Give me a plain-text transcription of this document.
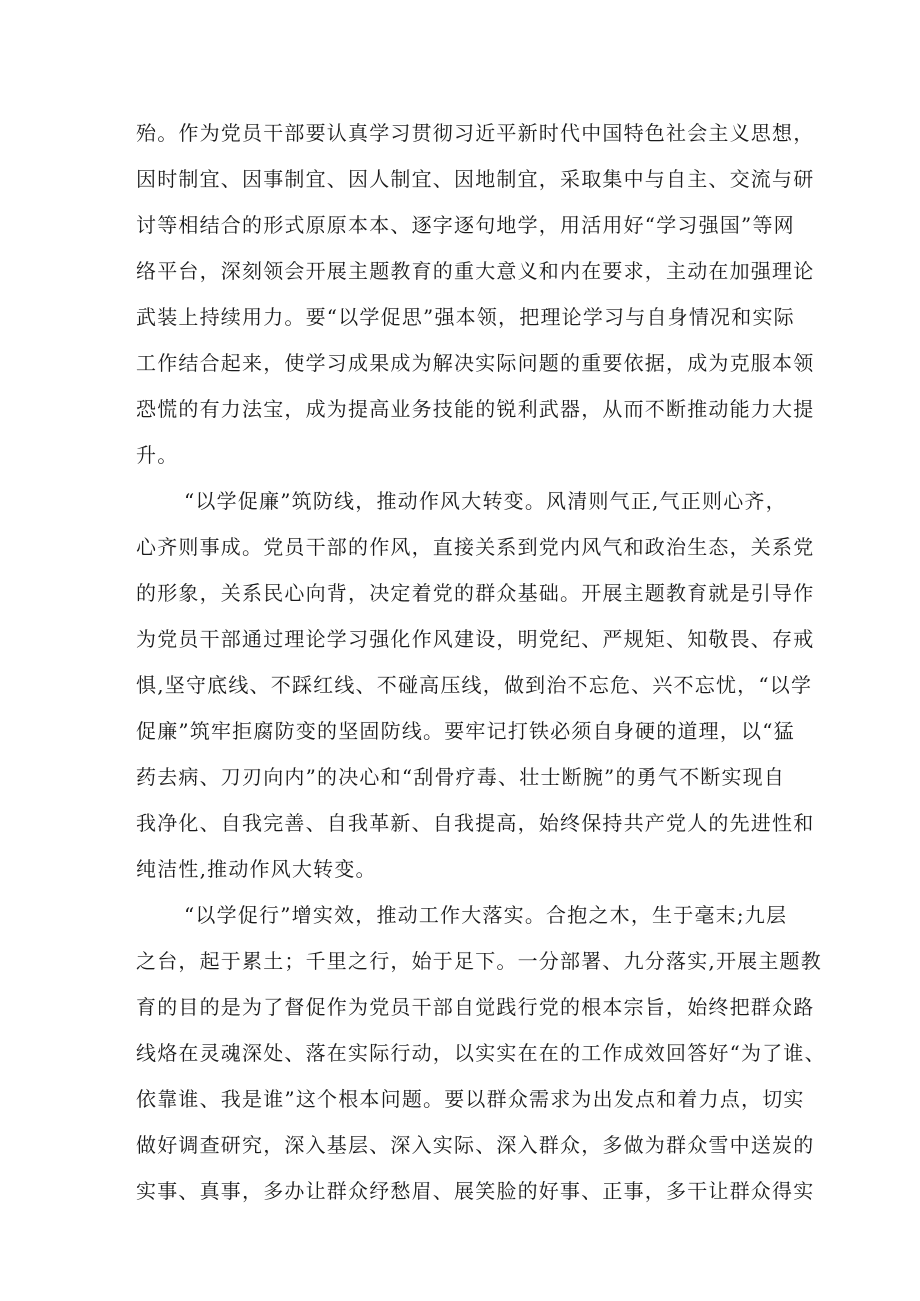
殆。作为党员干部要认真学习贯彻习近平新时代中国特色社会主义思想，
因时制宜、因事制宜、因人制宜、因地制宜，采取集中与自主、交流与研
讨等相结合的形式原原本本、逐字逐句地学，用活用好“学习强国”等网
络平台，深刻领会开展主题教育的重大意义和内在要求，主动在加强理论
武装上持续用力。要“以学促思”强本领，把理论学习与自身情况和实际
工作结合起来，使学习成果成为解决实际问题的重要依据，成为克服本领
恐慌的有力法宝，成为提高业务技能的锐利武器，从而不断推动能力大提
升。
“以学促廉”筑防线，推动作风大转变。风清则气正,气正则心齐，
心齐则事成。党员干部的作风，直接关系到党内风气和政治生态，关系党
的形象，关系民心向背，决定着党的群众基础。开展主题教育就是引导作
为党员干部通过理论学习强化作风建设，明党纪、严规矩、知敬畏、存戒
惧,坚守底线、不踩红线、不碰高压线，做到治不忘危、兴不忘忧，“以学
促廉”筑牢拒腐防变的坚固防线。要牢记打铁必须自身硬的道理，以“猛
药去病、刀刃向内”的决心和“刮骨疗毒、壮士断腕”的勇气不断实现自
我净化、自我完善、自我革新、自我提高，始终保持共产党人的先进性和
纯洁性,推动作风大转变。
“以学促行”增实效，推动工作大落实。合抱之木，生于毫末;九层
之台，起于累土；千里之行，始于足下。一分部署、九分落实,开展主题教
育的目的是为了督促作为党员干部自觉践行党的根本宗旨，始终把群众路
线烙在灵魂深处、落在实际行动，以实实在在的工作成效回答好“为了谁、
依靠谁、我是谁”这个根本问题。要以群众需求为出发点和着力点，切实
做好调查研究，深入基层、深入实际、深入群众，多做为群众雪中送炭的
实事、真事，多办让群众纾愁眉、展笑脸的好事、正事，多干让群众得实
